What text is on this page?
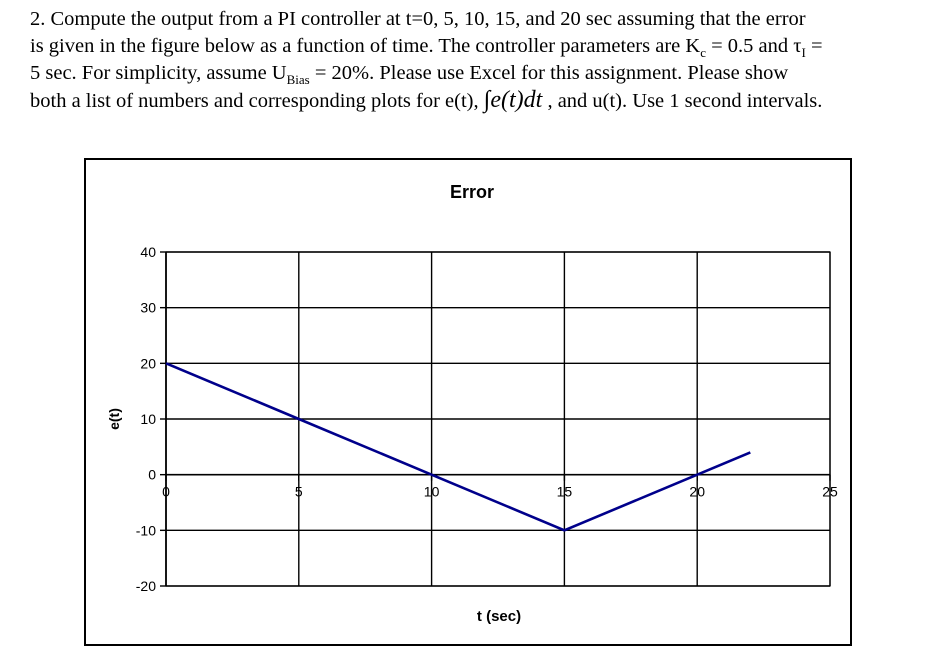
2. Compute the output from a PI controller at t=0, 5, 10, 15, and 20 sec assuming that the error
is given in the figure below as a function of time. The controller parameters are $K_c = 0.5$ and $\tau_I$ =
5 sec. For simplicity, assume $U_{Bias} = 20\%$. Please use Excel for this assignment. Please show
both a list of numbers and corresponding plots for e(t), ∫e(t)dt , and u(t). Use 1 second intervals.
Error
t (sec)
e(t)
40
30
20
10
0
-10
-20
0	5	10	15	20	25
